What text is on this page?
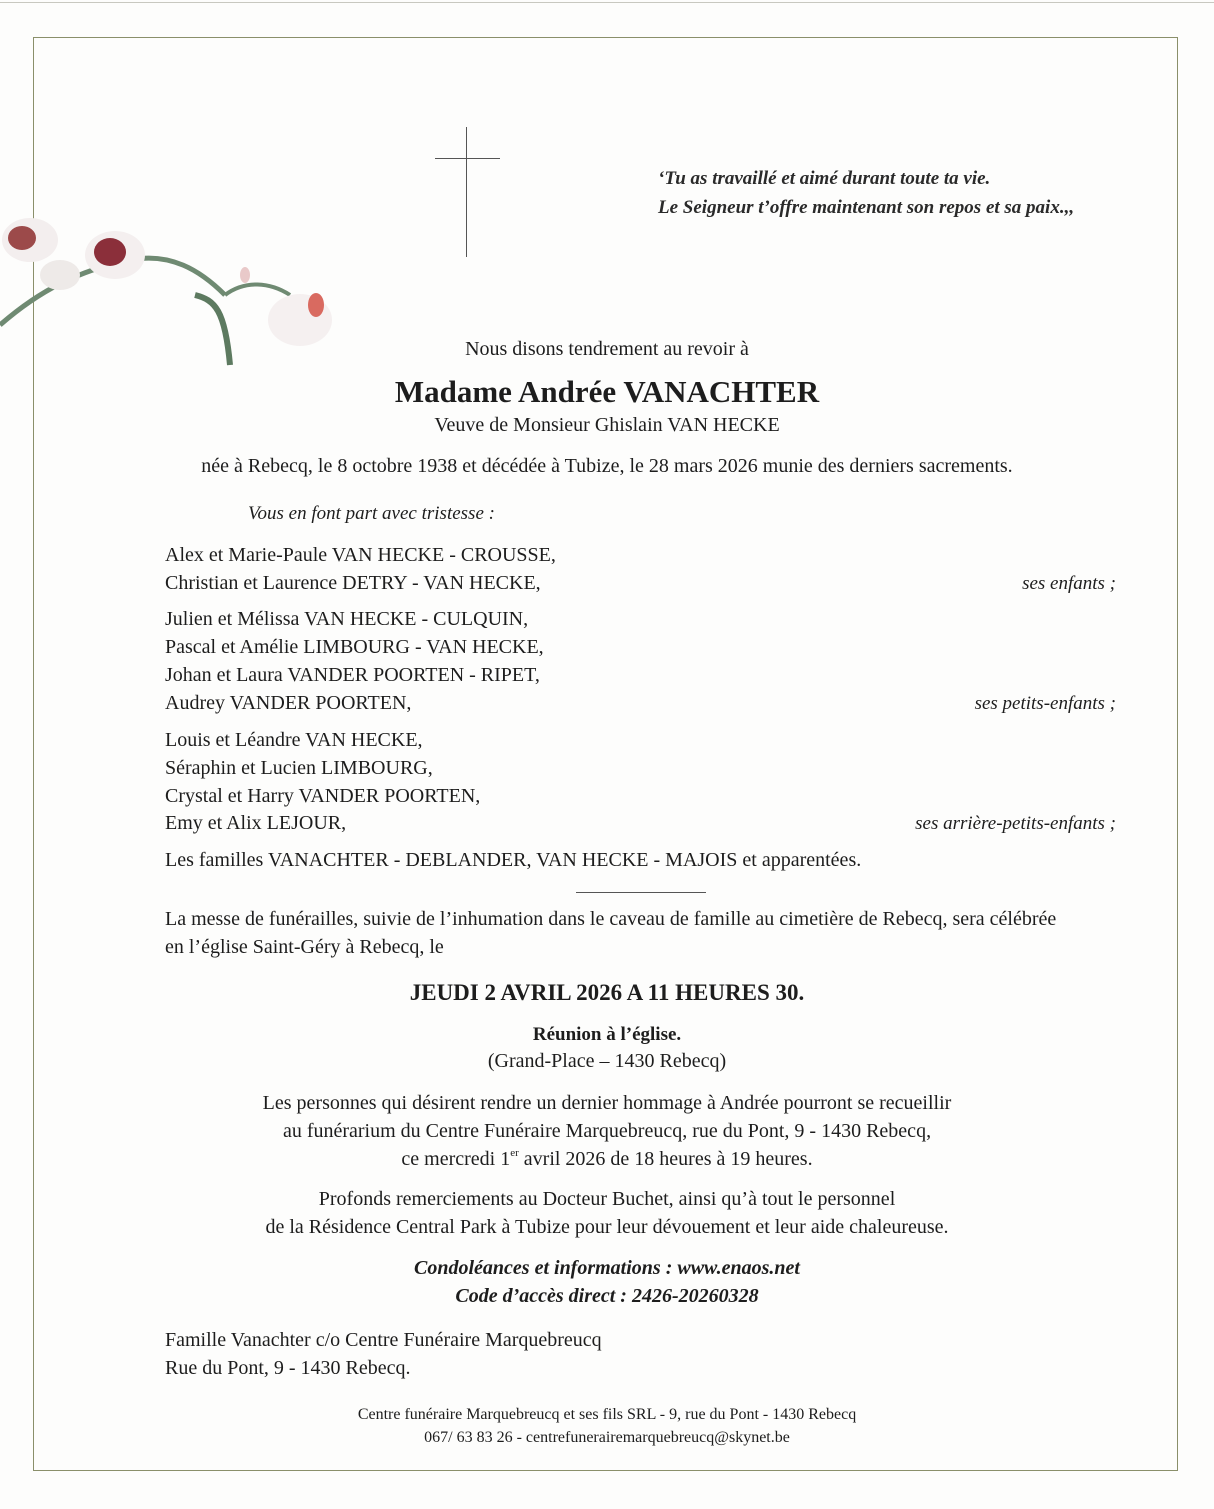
‘Tu as travaillé et aimé durant toute ta vie.
Le Seigneur t’offre maintenant son repos et sa paix.,,
Nous disons tendrement au revoir à
Madame Andrée VANACHTER
Veuve de Monsieur Ghislain VAN HECKE
née à Rebecq, le 8 octobre 1938 et décédée à Tubize, le 28 mars 2026 munie des derniers sacrements.
Vous en font part avec tristesse :
Alex et Marie-Paule VAN HECKE - CROUSSE,
Christian et Laurence DETRY - VAN HECKE,	ses enfants ;
Julien et Mélissa VAN HECKE - CULQUIN,
Pascal et Amélie LIMBOURG - VAN HECKE,
Johan et Laura VANDER POORTEN - RIPET,
Audrey VANDER POORTEN,	ses petits-enfants ;
Louis et Léandre VAN HECKE,
Séraphin et Lucien LIMBOURG,
Crystal et Harry VANDER POORTEN,
Emy et Alix LEJOUR,	ses arrière-petits-enfants ;
Les familles VANACHTER - DEBLANDER, VAN HECKE - MAJOIS et apparentées.
La messe de funérailles, suivie de l’inhumation dans le caveau de famille au cimetière de Rebecq, sera célébrée
en l’église Saint-Géry à Rebecq, le
JEUDI 2 AVRIL 2026 A 11 HEURES 30.
Réunion à l’église.
(Grand-Place – 1430 Rebecq)
Les personnes qui désirent rendre un dernier hommage à Andrée pourront se recueillir
au funérarium du Centre Funéraire Marquebreucq, rue du Pont, 9 - 1430 Rebecq,
ce mercredi 1er avril 2026 de 18 heures à 19 heures.
Profonds remerciements au Docteur Buchet, ainsi qu’à tout le personnel
de la Résidence Central Park à Tubize pour leur dévouement et leur aide chaleureuse.
Condoléances et informations : www.enaos.net
Code d’accès direct : 2426-20260328
Famille Vanachter c/o Centre Funéraire Marquebreucq
Rue du Pont, 9 - 1430 Rebecq.
Centre funéraire Marquebreucq et ses fils SRL - 9, rue du Pont - 1430 Rebecq
067/ 63 83 26 - centrefunerairemarquebreucq@skynet.be
